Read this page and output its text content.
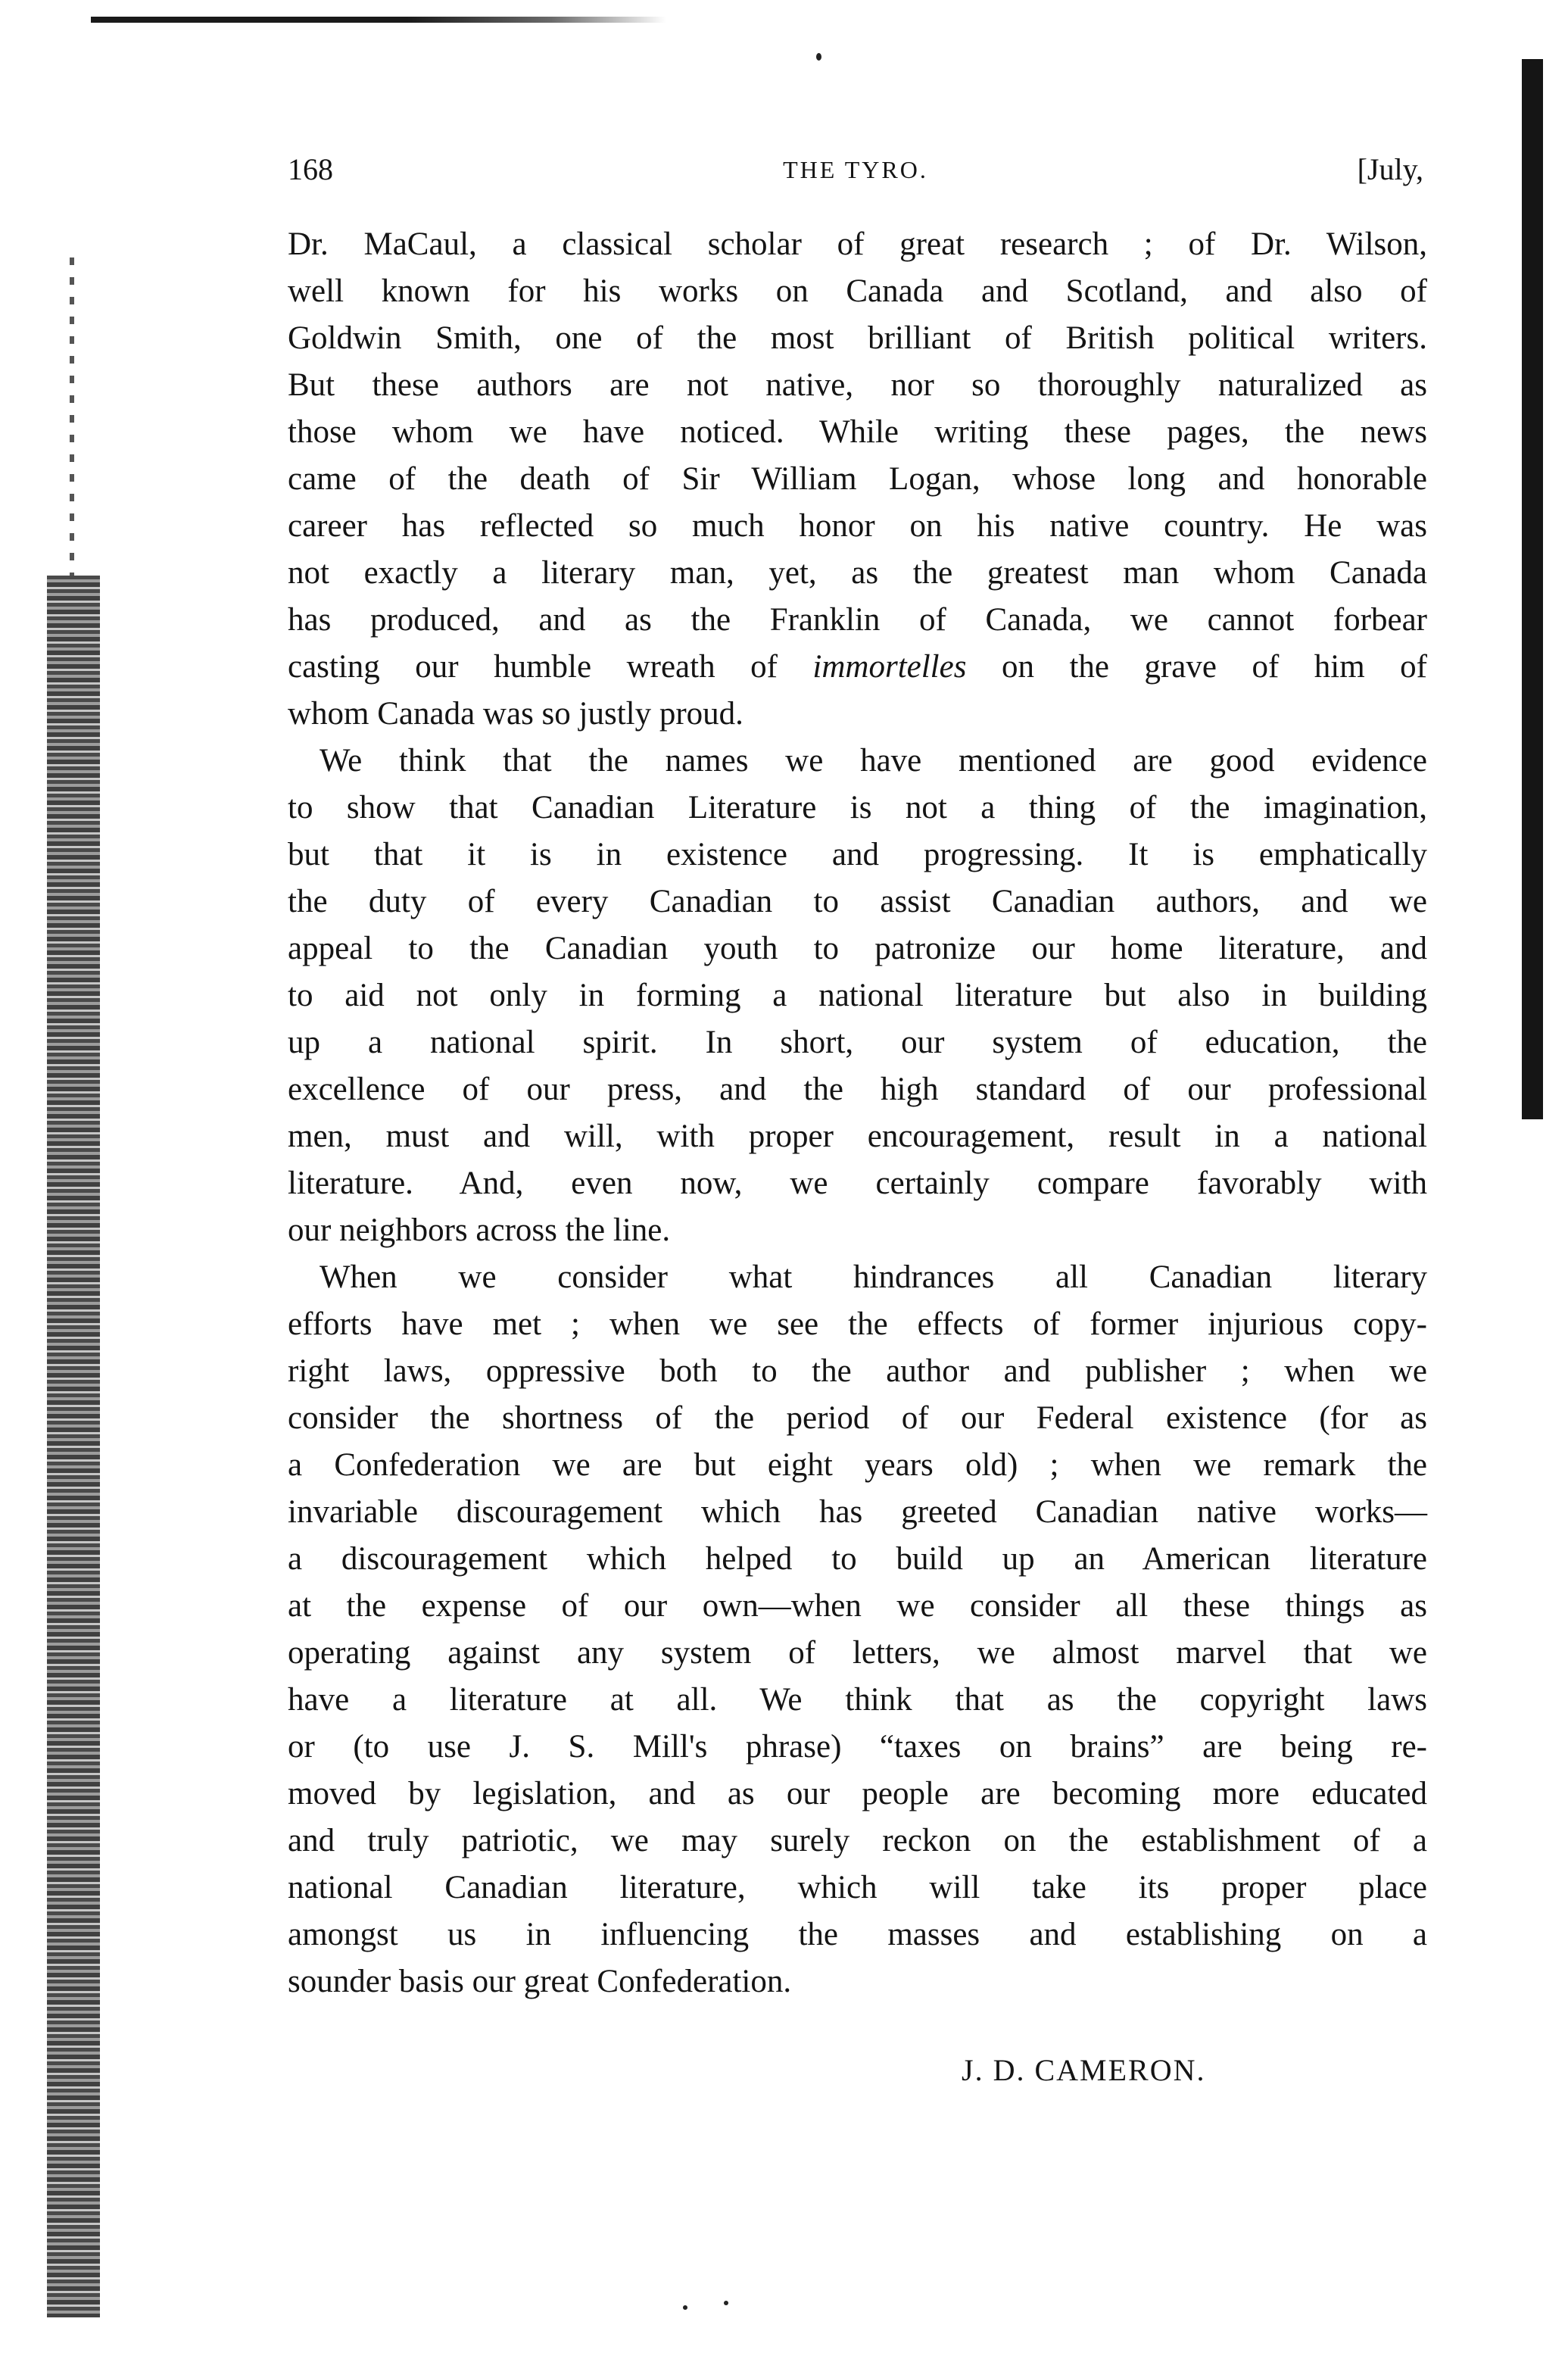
168	THE TYRO.	[July,
Dr. MaCaul, a classical scholar of great research ; of Dr. Wilson,
well known for his works on Canada and Scotland, and also of
Goldwin Smith, one of the most brilliant of British political writers.
But these authors are not native, nor so thoroughly naturalized as
those whom we have noticed. While writing these pages, the news
came of the death of Sir William Logan, whose long and honorable
career has reflected so much honor on his native country. He was
not exactly a literary man, yet, as the greatest man whom Canada
has produced, and as the Franklin of Canada, we cannot forbear
casting our humble wreath of immortelles on the grave of him of
whom Canada was so justly proud.
We think that the names we have mentioned are good evidence
to show that Canadian Literature is not a thing of the imagination,
but that it is in existence and progressing. It is emphatically
the duty of every Canadian to assist Canadian authors, and we
appeal to the Canadian youth to patronize our home literature, and
to aid not only in forming a national literature but also in building
up a national spirit. In short, our system of education, the
excellence of our press, and the high standard of our professional
men, must and will, with proper encouragement, result in a national
literature. And, even now, we certainly compare favorably with
our neighbors across the line.
When we consider what hindrances all Canadian literary
efforts have met ; when we see the effects of former injurious copy-
right laws, oppressive both to the author and publisher ; when we
consider the shortness of the period of our Federal existence (for as
a Confederation we are but eight years old) ; when we remark the
invariable discouragement which has greeted Canadian native works—
a discouragement which helped to build up an American literature
at the expense of our own—when we consider all these things as
operating against any system of letters, we almost marvel that we
have a literature at all. We think that as the copyright laws
or (to use J. S. Mill's phrase) “taxes on brains” are being re-
moved by legislation, and as our people are becoming more educated
and truly patriotic, we may surely reckon on the establishment of a
national Canadian literature, which will take its proper place
amongst us in influencing the masses and establishing on a
sounder basis our great Confederation.
J. D. CAMERON.
